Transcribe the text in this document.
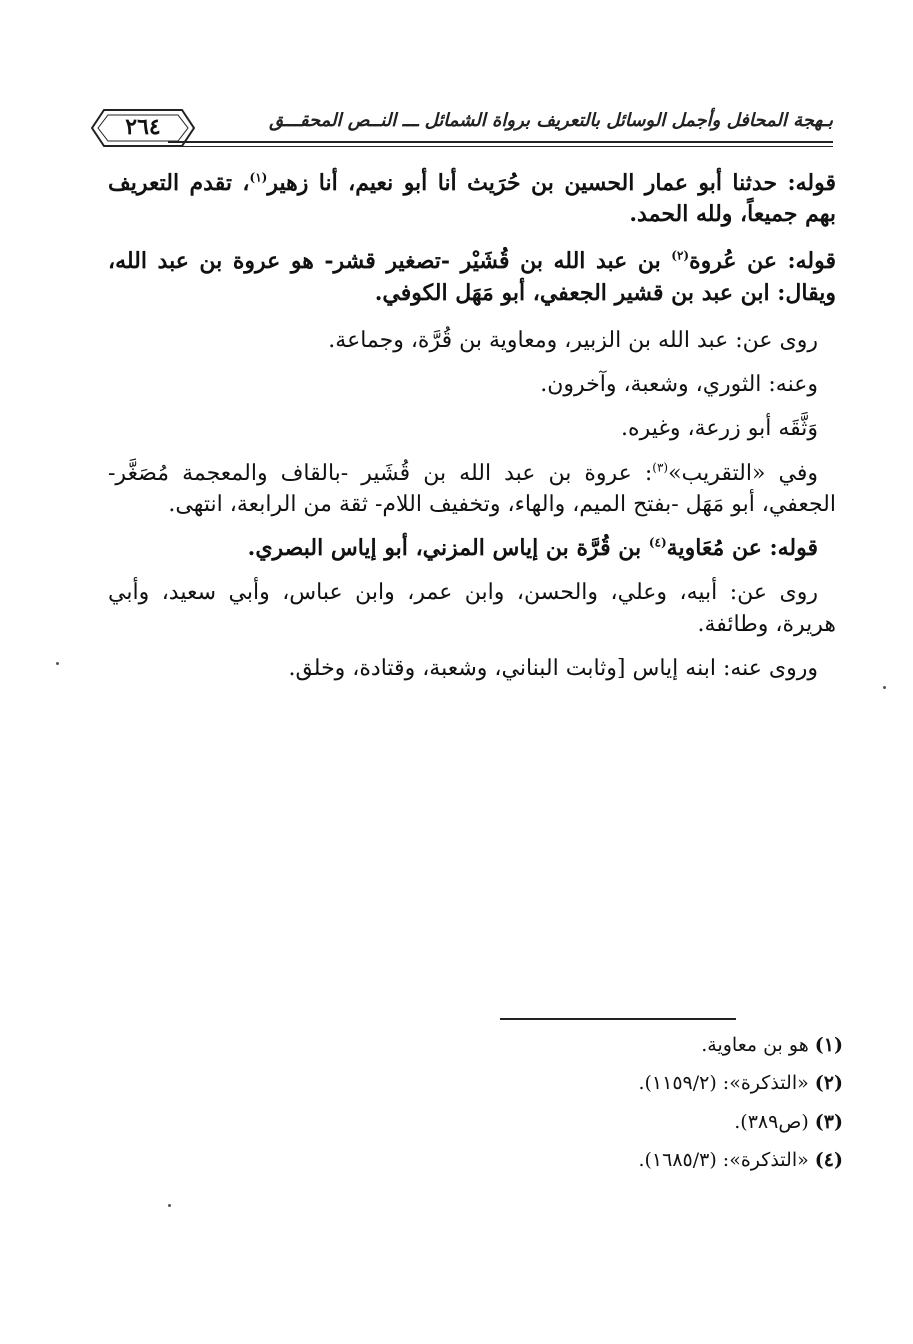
بـهجة المحافل وأجمل الوسائل بالتعريف برواة الشمائل ـــ النــص المحقـــق
٢٦٤

قوله: حدثنا أبو عمار الحسين بن حُرَيث أنا أبو نعيم، أنا زهير$^{(١)}$، تقدم التعريف بهم جميعاً، ولله الحمد.

قوله: عن عُروة$^{(٢)}$ بن عبد الله بن قُشَيْر -تصغير قشر- هو عروة بن عبد الله، ويقال: ابن عبد بن قشير الجعفي، أبو مَهَل الكوفي.

روى عن: عبد الله بن الزبير، ومعاوية بن قُرَّة، وجماعة.

وعنه: الثوري، وشعبة، وآخرون.

وَثَّقَه أبو زرعة، وغيره.

وفي «التقريب»$^{(٣)}$: عروة بن عبد الله بن قُشَير -بالقاف والمعجمة مُصَغَّر- الجعفي، أبو مَهَل -بفتح الميم، والهاء، وتخفيف اللام- ثقة من الرابعة، انتهى.

قوله: عن مُعَاوية$^{(٤)}$ بن قُرَّة بن إياس المزني، أبو إياس البصري.

روى عن: أبيه، وعلي، والحسن، وابن عمر، وابن عباس، وأبي سعيد، وأبي هريرة، وطائفة.

وروى عنه: ابنه إياس [وثابت البناني، وشعبة، وقتادة، وخلق.

(١) هو بن معاوية.
(٢) «التذكرة»: (١١٥٩/٢).
(٣) (ص٣٨٩).
(٤) «التذكرة»: (١٦٨٥/٣).
